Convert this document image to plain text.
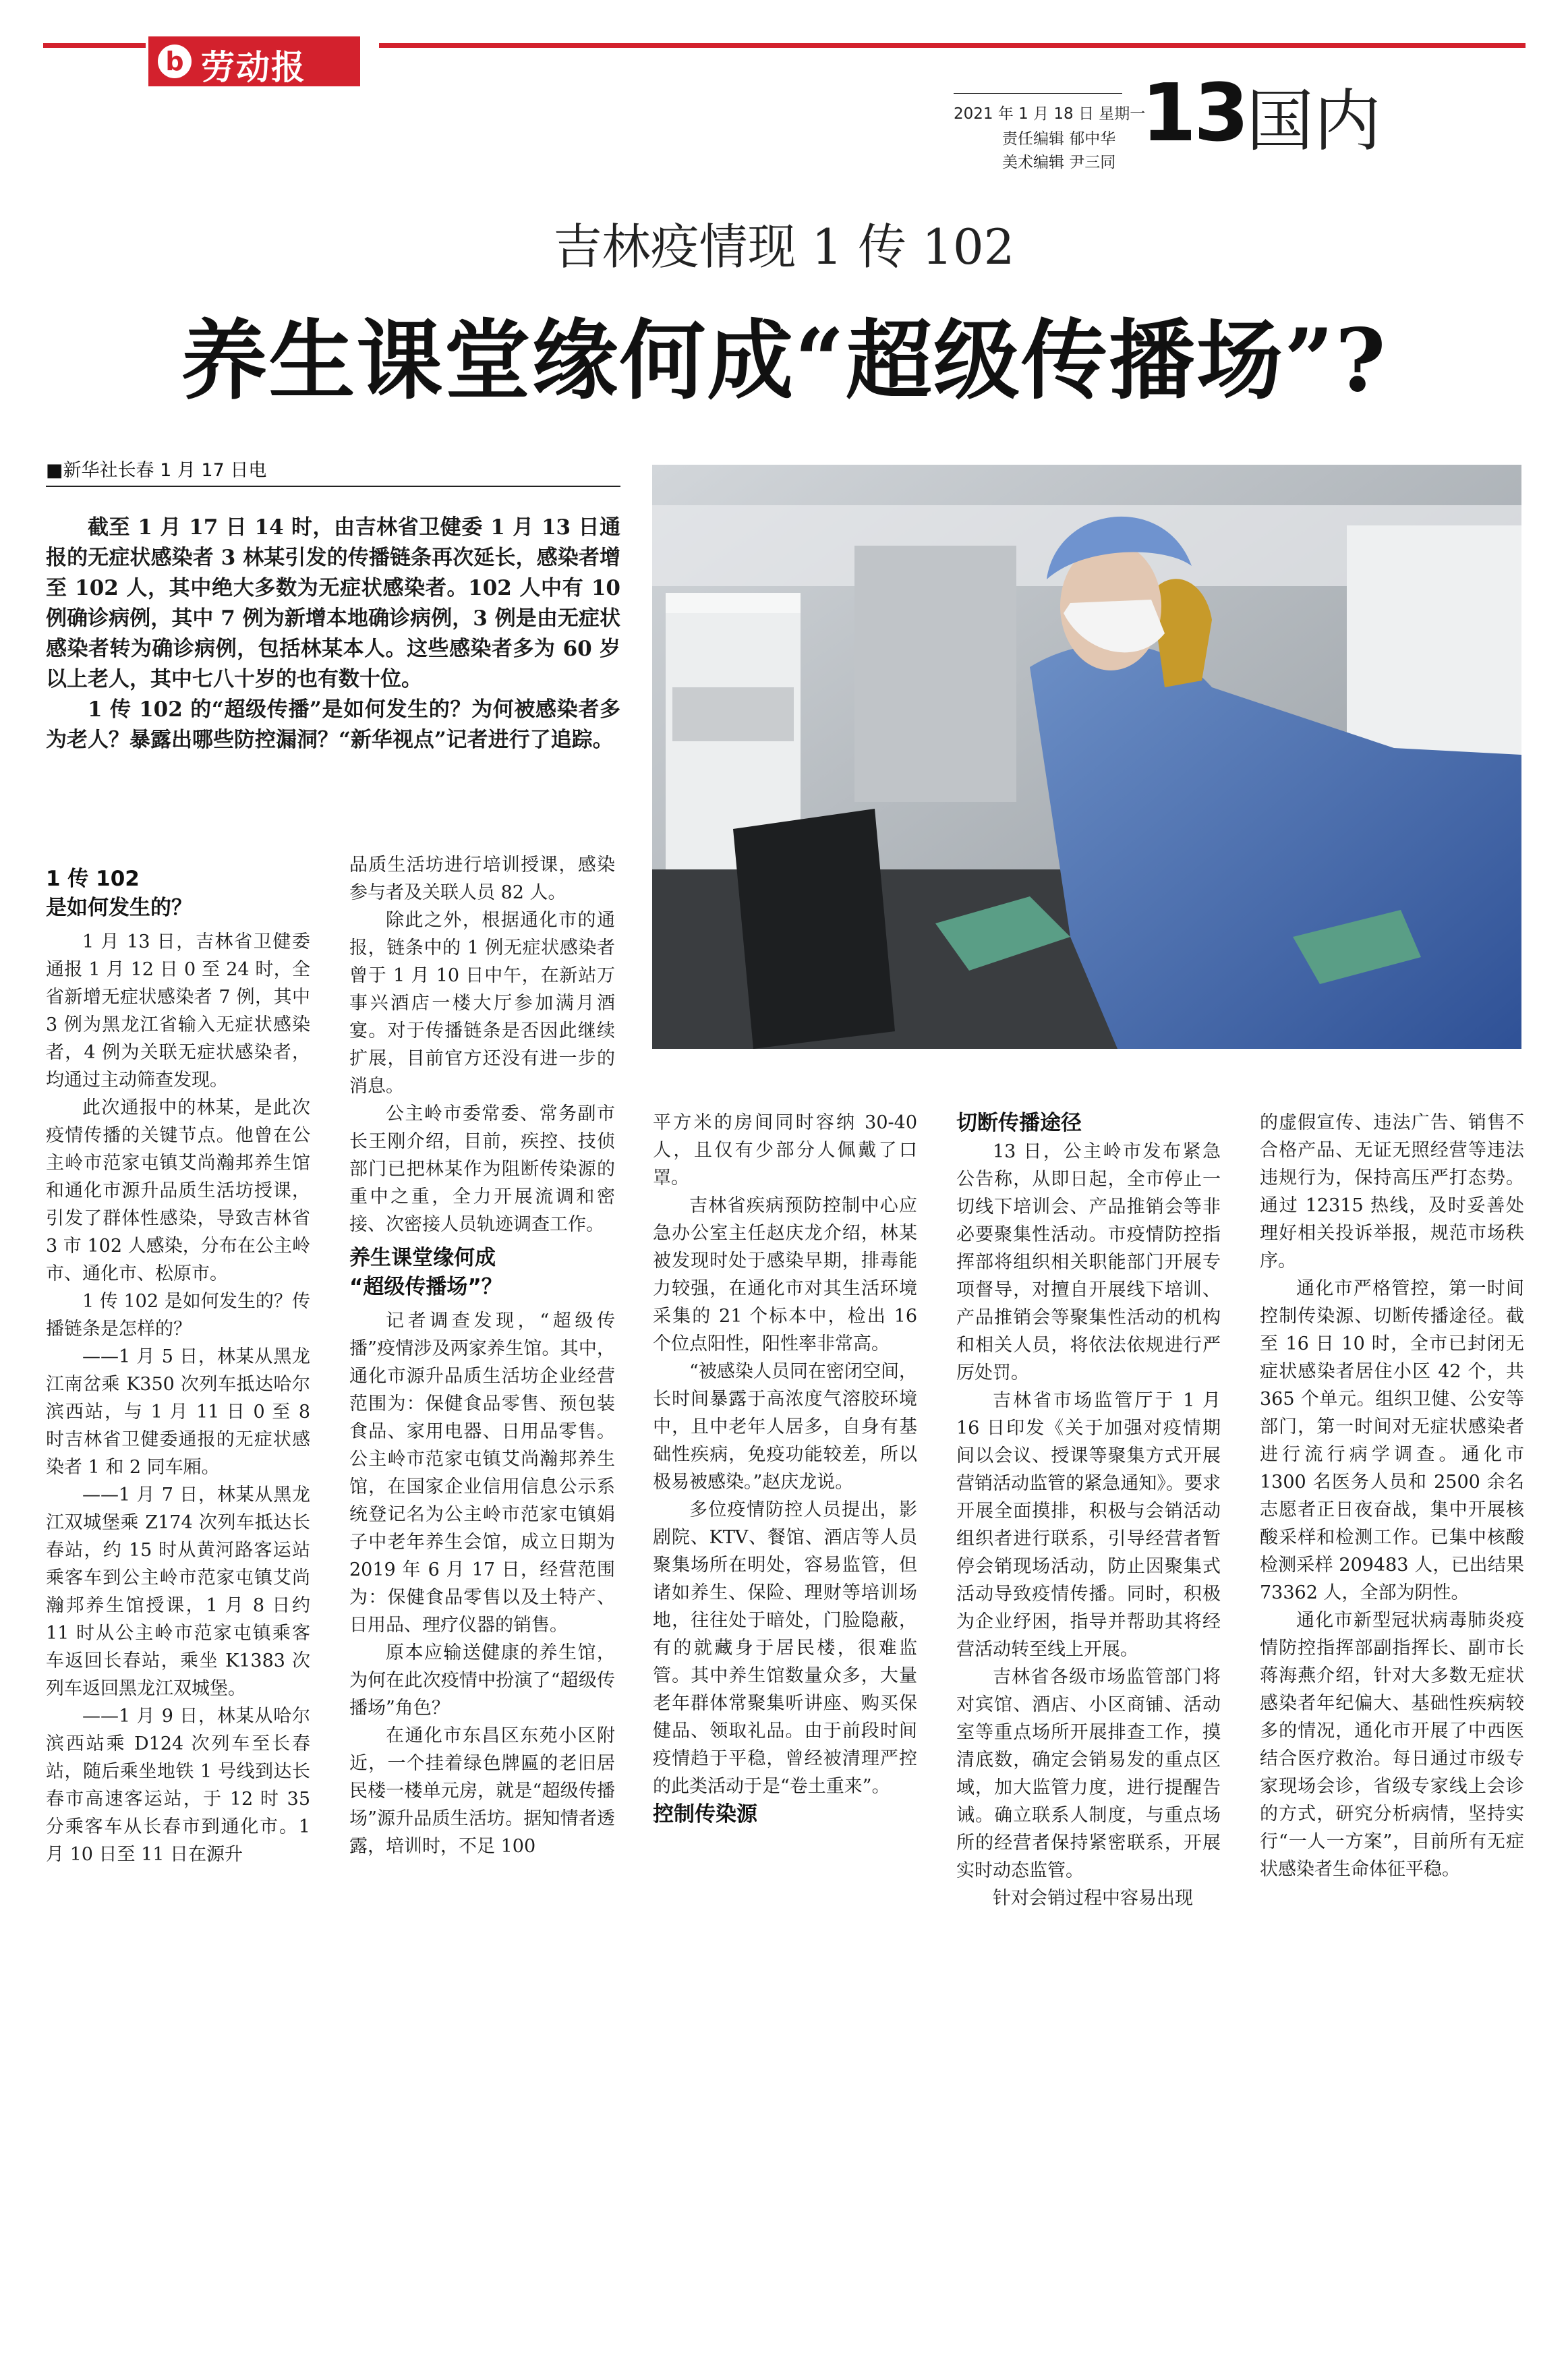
b 劳动报
2021 年 1 月 18 日 星期一
责任编辑 郁中华
美术编辑 尹三同
13 国内
吉林疫情现 1 传 102
养生课堂缘何成“超级传播场”?
■新华社长春 1 月 17 日电

截至 1 月 17 日 14 时，由吉林省卫健委 1 月 13 日通报的无症状感染者 3 林某引发的传播链条再次延长，感染者增至 102 人，其中绝大多数为无症状感染者。102 人中有 10 例确诊病例，其中 7 例为新增本地确诊病例，3 例是由无症状感染者转为确诊病例，包括林某本人。这些感染者多为 60 岁以上老人，其中七八十岁的也有数十位。

1 传 102 的“超级传播”是如何发生的？为何被感染者多为老人？暴露出哪些防控漏洞？“新华视点”记者进行了追踪。

1 传 102
是如何发生的？

1 月 13 日，吉林省卫健委通报 1 月 12 日 0 至 24 时，全省新增无症状感染者 7 例，其中 3 例为黑龙江省输入无症状感染者，4 例为关联无症状感染者，均通过主动筛查发现。

此次通报中的林某，是此次疫情传播的关键节点。他曾在公主岭市范家屯镇艾尚瀚邦养生馆和通化市源升品质生活坊授课，引发了群体性感染，导致吉林省 3 市 102 人感染，分布在公主岭市、通化市、松原市。

1 传 102 是如何发生的？传播链条是怎样的？

——1 月 5 日，林某从黑龙江南岔乘 K350 次列车抵达哈尔滨西站，与 1 月 11 日 0 至 8 时吉林省卫健委通报的无症状感染者 1 和 2 同车厢。

——1 月 7 日，林某从黑龙江双城堡乘 Z174 次列车抵达长春站，约 15 时从黄河路客运站乘客车到公主岭市范家屯镇艾尚瀚邦养生馆授课，1 月 8 日约 11 时从公主岭市范家屯镇乘客车返回长春站，乘坐 K1383 次列车返回黑龙江双城堡。

——1 月 9 日，林某从哈尔滨西站乘 D124 次列车至长春站，随后乘坐地铁 1 号线到达长春市高速客运站，于 12 时 35 分乘客车从长春市到通化市。1 月 10 日至 11 日在源升

品质生活坊进行培训授课，感染参与者及关联人员 82 人。

除此之外，根据通化市的通报，链条中的 1 例无症状感染者曾于 1 月 10 日中午，在新站万事兴酒店一楼大厅参加满月酒宴。对于传播链条是否因此继续扩展，目前官方还没有进一步的消息。

公主岭市委常委、常务副市长王刚介绍，目前，疾控、技侦部门已把林某作为阻断传染源的重中之重，全力开展流调和密接、次密接人员轨迹调查工作。

养生课堂缘何成
“超级传播场”？

记者调查发现，“超级传播”疫情涉及两家养生馆。其中，通化市源升品质生活坊企业经营范围为：保健食品零售、预包装食品、家用电器、日用品零售。公主岭市范家屯镇艾尚瀚邦养生馆，在国家企业信用信息公示系统登记名为公主岭市范家屯镇娟子中老年养生会馆，成立日期为 2019 年 6 月 17 日，经营范围为：保健食品零售以及土特产、日用品、理疗仪器的销售。

原本应输送健康的养生馆，为何在此次疫情中扮演了“超级传播场”角色？

在通化市东昌区东苑小区附近，一个挂着绿色牌匾的老旧居民楼一楼单元房，就是“超级传播场”源升品质生活坊。据知情者透露，培训时，不足 100

平方米的房间同时容纳 30-40 人，且仅有少部分人佩戴了口罩。

吉林省疾病预防控制中心应急办公室主任赵庆龙介绍，林某被发现时处于感染早期，排毒能力较强，在通化市对其生活环境采集的 21 个标本中，检出 16 个位点阳性，阳性率非常高。

“被感染人员同在密闭空间，长时间暴露于高浓度气溶胶环境中，且中老年人居多，自身有基础性疾病，免疫功能较差，所以极易被感染。”赵庆龙说。

多位疫情防控人员提出，影剧院、KTV、餐馆、酒店等人员聚集场所在明处，容易监管，但诸如养生、保险、理财等培训场地，往往处于暗处，门脸隐蔽，有的就藏身于居民楼，很难监管。其中养生馆数量众多，大量老年群体常聚集听讲座、购买保健品、领取礼品。由于前段时间疫情趋于平稳，曾经被清理严控的此类活动于是“卷土重来”。

控制传染源
切断传播途径

13 日，公主岭市发布紧急公告称，从即日起，全市停止一切线下培训会、产品推销会等非必要聚集性活动。市疫情防控指挥部将组织相关职能部门开展专项督导，对擅自开展线下培训、产品推销会等聚集性活动的机构和相关人员，将依法依规进行严厉处罚。

吉林省市场监管厅于 1 月 16 日印发《关于加强对疫情期间以会议、授课等聚集方式开展营销活动监管的紧急通知》。要求开展全面摸排，积极与会销活动组织者进行联系，引导经营者暂停会销现场活动，防止因聚集式活动导致疫情传播。同时，积极为企业纾困，指导并帮助其将经营活动转至线上开展。

吉林省各级市场监管部门将对宾馆、酒店、小区商铺、活动室等重点场所开展排查工作，摸清底数，确定会销易发的重点区域，加大监管力度，进行提醒告诫。确立联系人制度，与重点场所的经营者保持紧密联系，开展实时动态监管。

针对会销过程中容易出现

的虚假宣传、违法广告、销售不合格产品、无证无照经营等违法违规行为，保持高压严打态势。通过 12315 热线，及时妥善处理好相关投诉举报，规范市场秩序。

通化市严格管控，第一时间控制传染源、切断传播途径。截至 16 日 10 时，全市已封闭无症状感染者居住小区 42 个，共 365 个单元。组织卫健、公安等部门，第一时间对无症状感染者进行流行病学调查。通化市 1300 名医务人员和 2500 余名志愿者正日夜奋战，集中开展核酸采样和检测工作。已集中核酸检测采样 209483 人，已出结果 73362 人，全部为阴性。

通化市新型冠状病毒肺炎疫情防控指挥部副指挥长、副市长蒋海燕介绍，针对大多数无症状感染者年纪偏大、基础性疾病较多的情况，通化市开展了中西医结合医疗救治。每日通过市级专家现场会诊，省级专家线上会诊的方式，研究分析病情，坚持实行“一人一方案”，目前所有无症状感染者生命体征平稳。
